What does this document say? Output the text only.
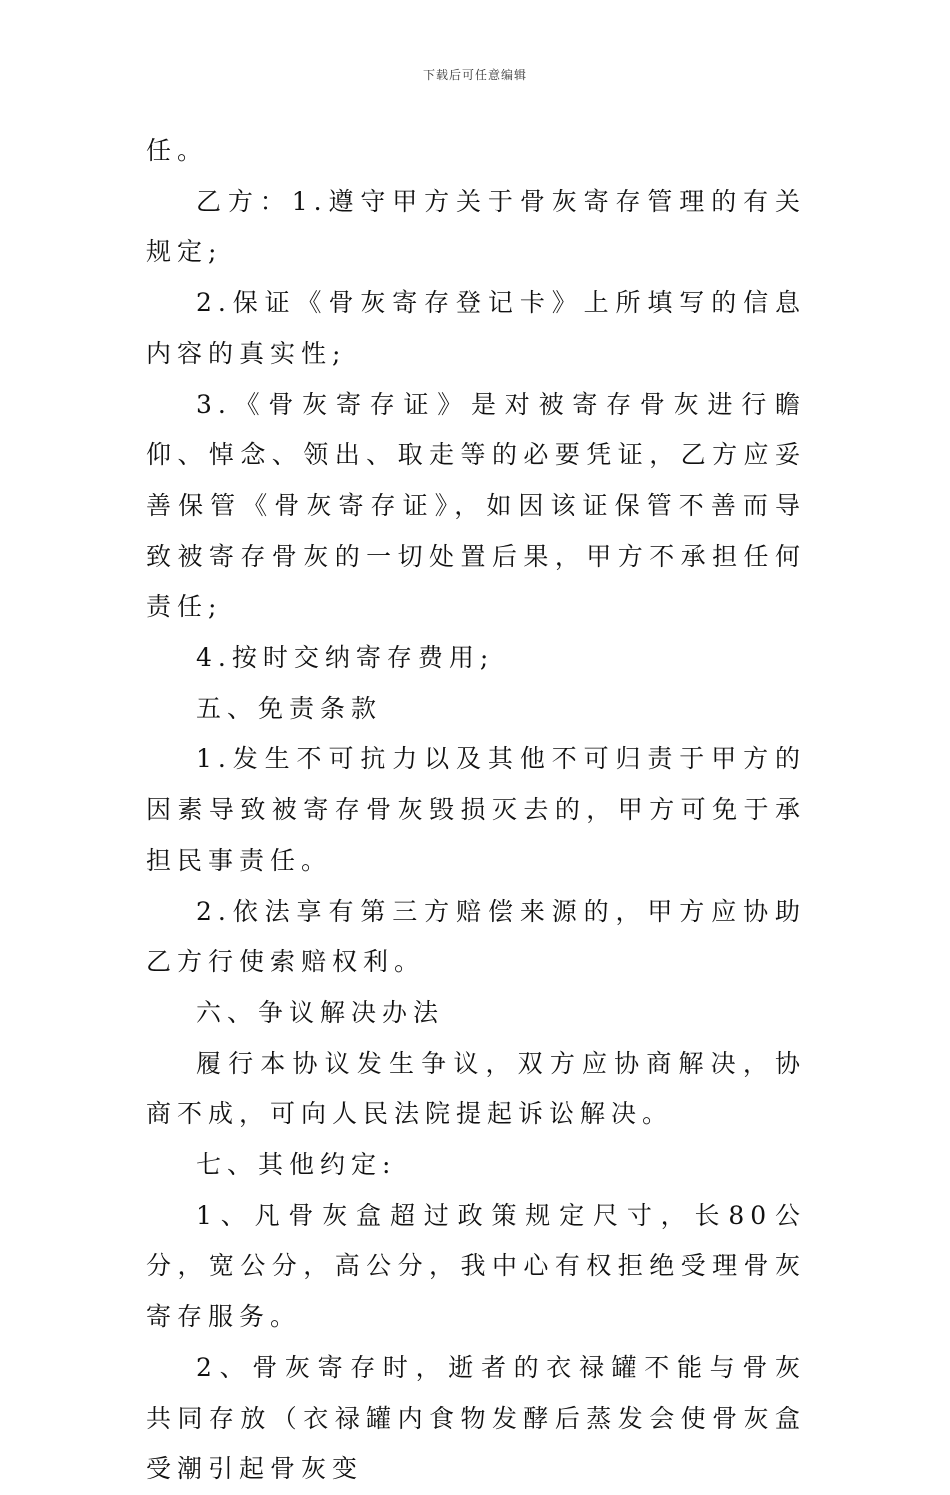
下载后可任意编辑

任。

乙方：1.遵守甲方关于骨灰寄存管理的有关规定;

2.保证《骨灰寄存登记卡》上所填写的信息内容的真实性;

3.《骨灰寄存证》是对被寄存骨灰进行瞻仰、悼念、领出、取走等的必要凭证，乙方应妥善保管《骨灰寄存证》，如因该证保管不善而导致被寄存骨灰的一切处置后果，甲方不承担任何责任;

4.按时交纳寄存费用;

五、免责条款

1.发生不可抗力以及其他不可归责于甲方的因素导致被寄存骨灰毁损灭去的，甲方可免于承担民事责任。

2.依法享有第三方赔偿来源的，甲方应协助乙方行使索赔权利。

六、争议解决办法

履行本协议发生争议，双方应协商解决，协商不成，可向人民法院提起诉讼解决。

七、其他约定:

1、凡骨灰盒超过政策规定尺寸，长80公分，宽公分，高公分，我中心有权拒绝受理骨灰寄存服务。

2、骨灰寄存时，逝者的衣禄罐不能与骨灰共同存放（衣禄罐内食物发酵后蒸发会使骨灰盒受潮引起骨灰变
